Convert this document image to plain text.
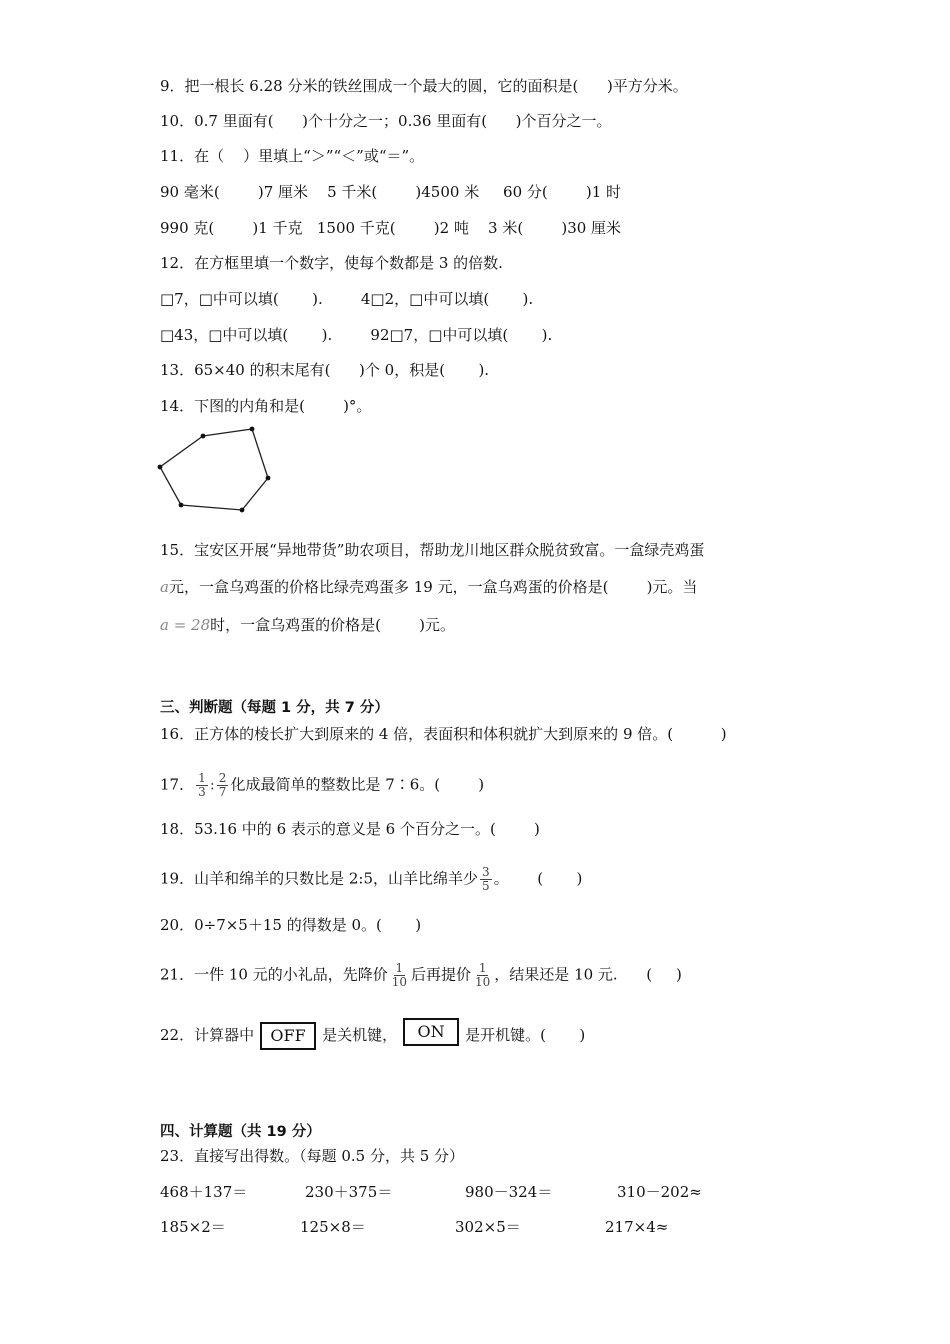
9．把一根长 6.28 分米的铁丝围成一个最大的圆，它的面积是(      )平方分米。
10．0.7 里面有(      )个十分之一；0.36 里面有(      )个百分之一。
11．在（    ）里填上“＞”“＜”或“＝”。
90 毫米(        )7 厘米    5 千米(        )4500 米     60 分(        )1 时
990 克(        )1 千克   1500 千克(        )2 吨    3 米(        )30 厘米
12．在方框里填一个数字，使每个数都是 3 的倍数.
□7，□中可以填(       ).        4□2，□中可以填(       ).
□43，□中可以填(       ).        92□7，□中可以填(       ).
13．65×40 的积末尾有(      )个 0，积是(       ).
14．下图的内角和是(        )°。
15．宝安区开展“异地带货”助农项目，帮助龙川地区群众脱贫致富。一盒绿壳鸡蛋
a元，一盒乌鸡蛋的价格比绿壳鸡蛋多 19 元，一盒乌鸡蛋的价格是(        )元。当
a = 28时，一盒乌鸡蛋的价格是(        )元。
三、判断题（每题 1 分，共 7 分）
16．正方体的棱长扩大到原来的 4 倍，表面积和体积就扩大到原来的 9 倍。(          )
17． $\frac{1}{3}$ : $\frac{2}{7}$ 化成最简单的整数比是 7∶6。(        )
18．53.16 中的 6 表示的意义是 6 个百分之一。(        )
19．山羊和绵羊的只数比是 2:5，山羊比绵羊少 $\frac{3}{5}$ 。      (       )
20．0÷7×5＋15 的得数是 0。(       )
21．一件 10 元的小礼品，先降价 $\frac{1}{10}$ 后再提价 $\frac{1}{10}$ ，结果还是 10 元.      (     )
22．计算器中 OFF 是关机键， ON 是开机键。(       )
四、计算题（共 19 分）
23．直接写出得数。（每题 0.5 分，共 5 分）
468＋137＝	230＋375＝	980－324＝	310－202≈
185×2＝	125×8＝	302×5＝	217×4≈
